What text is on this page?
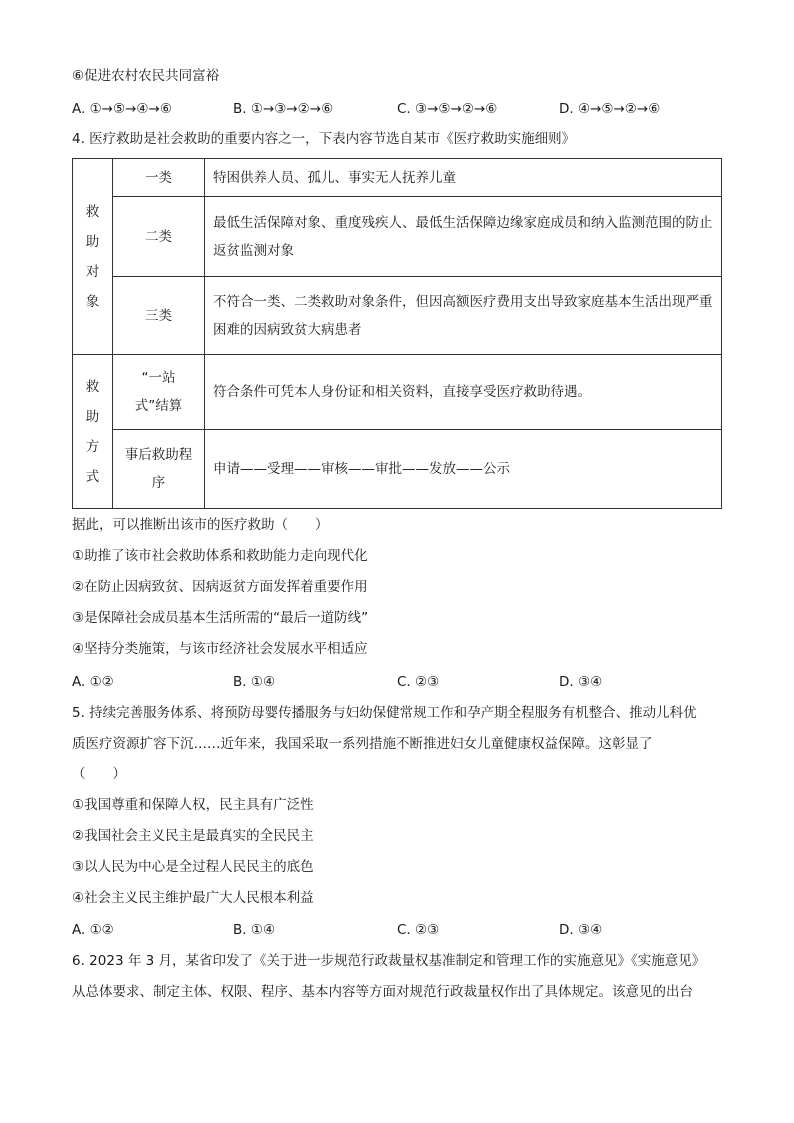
⑥促进农村农民共同富裕
A. ①→⑤→④→⑥	B. ①→③→②→⑥	C. ③→⑤→②→⑥	D. ④→⑤→②→⑥
4. 医疗救助是社会救助的重要内容之一，下表内容节选自某市《医疗救助实施细则》
救
助
对
象	一类	特困供养人员、孤儿、事实无人抚养儿童
	二类	最低生活保障对象、重度残疾人、最低生活保障边缘家庭成员和纳入监测范围的防止返贫监测对象
	三类	不符合一类、二类救助对象条件，但因高额医疗费用支出导致家庭基本生活出现严重困难的因病致贫大病患者

救
助
方
式	“一站式”结算	符合条件可凭本人身份证和相关资料，直接享受医疗救助待遇。
	事后救助程序	申请——受理——审核——审批——发放——公示
据此，可以推断出该市的医疗救助（　　）
①助推了该市社会救助体系和救助能力走向现代化
②在防止因病致贫、因病返贫方面发挥着重要作用
③是保障社会成员基本生活所需的“最后一道防线”
④坚持分类施策，与该市经济社会发展水平相适应
A. ①②	B. ①④	C. ②③	D. ③④
5. 持续完善服务体系、将预防母婴传播服务与妇幼保健常规工作和孕产期全程服务有机整合、推动儿科优
质医疗资源扩容下沉……近年来，我国采取一系列措施不断推进妇女儿童健康权益保障。这彰显了
（　　）
①我国尊重和保障人权，民主具有广泛性
②我国社会主义民主是最真实的全民民主
③以人民为中心是全过程人民民主的底色
④社会主义民主维护最广大人民根本利益
A. ①②	B. ①④	C. ②③	D. ③④
6. 2023 年 3 月，某省印发了《关于进一步规范行政裁量权基准制定和管理工作的实施意见》《实施意见》
从总体要求、制定主体、权限、程序、基本内容等方面对规范行政裁量权作出了具体规定。该意见的出台
